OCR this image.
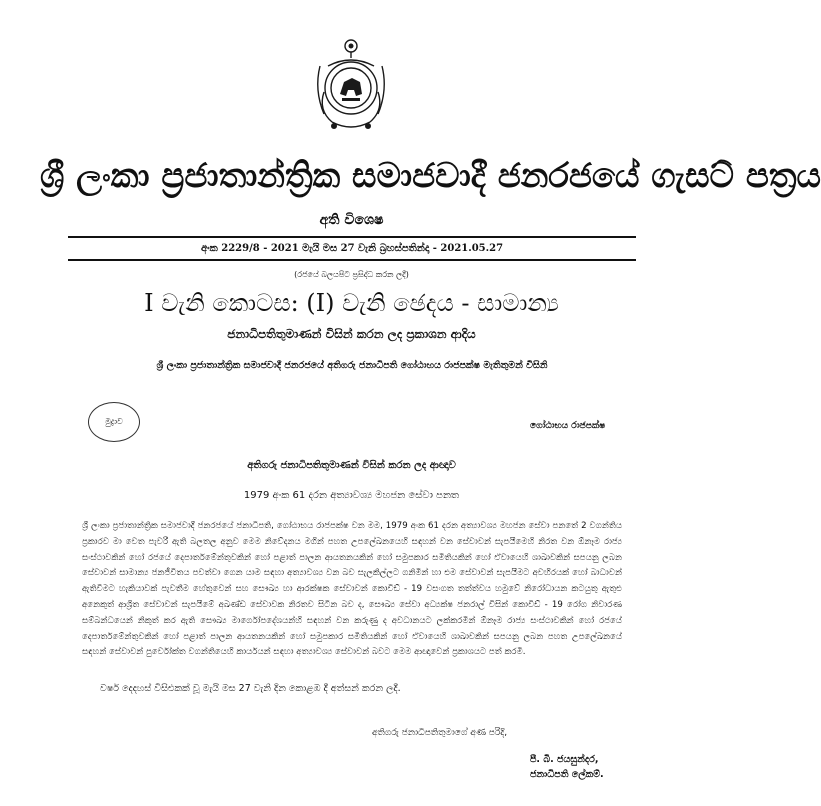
ශ්‍රී ලංකා ප්‍රජාතාන්ත්‍රික සමාජවාදී ජනරජයේ ගැසට් පත්‍රය
අති විශෙෂ
අංක 2229/8 - 2021 මැයි මස 27 වැනි බ්‍රහස්පතින්දා - 2021.05.27
(රජයේ බලයපිට ප්‍රසිද්ධ කරන ලදී)
I වැනි කොටස: (I) වැනි ඡෙදය - සාමාන්‍ය
ජනාධිපතිතුමාණන් විසින් කරන ලද ප්‍රකාශන ආදිය
ශ්‍රී ලංකා ප්‍රජාතාන්ත්‍රික සමාජවාදී ජනරජයේ අතිගරු ජනාධිපති ගෝඨාභය රාජපක්ෂ මැතිතුමන් විසිනි
මුද්‍රාව	ගෝඨාභය රාජපක්ෂ
අතිගරු ජනාධිපතිතුමාණන් විසින් කරන ලද ආඥාව
1979 අංක 61 දරන අත්‍යාවශ්‍ය මහජන සේවා පනත
ශ්‍රී ලංකා ප්‍රජාතාන්ත්‍රික සමාජවාදී ජනරජයේ ජනාධිපති, ගෝඨාභය රාජපක්ෂ වන මම, 1979 අංක 61 දරන අත්‍යාවශ්‍ය මහජන සේවා පනතේ 2 වගන්තිය ප්‍රකාරව මා වෙත පැවරී ඇති බලතල අනුව මෙම නිවේදනය මගින් පහත උපලේඛනයෙහි සඳහන් වන සේවාවන් සැපයීමෙහි නිරත වන ඕනෑම රාජ්‍ය සංස්ථාවකින් හෝ රජයේ දෙපාර්තමේන්තුවකින් හෝ පළාත් පාලන ආයතනයකින් හෝ සමුපකාර සමිතියකින් හෝ ඒවායෙහි ශාඛාවකින් සපයනු ලබන සේවාවන් සාමාන්‍ය ජනජීවිතය පවත්වා ගෙන යාම සඳහා අත්‍යාවශ්‍ය වන බව සැලකිල්ලට ගනිමින් හා එම සේවාවන් සැපයීමට අවහිරයක් හෝ බාධාවන් ඇතිවීමට හැකියාවක් පැවතීම හේතුවෙන් සහ සෞඛ්‍ය හා ආරක්ෂක සේවාවන් කොවිඩ් - 19 වසංගත තත්ත්වය හමුවේ නිරෝධායන කටයුතු ඇතුළු අනෙකුත් ආශ්‍රිත සේවාවන් සැපයීමේ අඛණ්ඩ සේවාවක නිරතව සිටින බව ද, සෞඛ්‍ය සේවා අධ්‍යක්ෂ ජනරාල් විසින් කොවිඩ් - 19 රෝග නිවාරණ සම්බන්ධයෙන් නිකුත් කර ඇති සෞඛ්‍ය මාර්ගෝපදේශයන්හි සඳහන් වන කරුණු ද අවධානයට ලක්කරමින් ඕනෑම රාජ්‍ය සංස්ථාවකින් හෝ රජයේ දෙපාර්තමේන්තුවකින් හෝ පළාත් පාලන ආයතනයකින් හෝ සමුපකාර සමිතියකින් හෝ ඒවායෙහි ශාඛාවකින් සපයනු ලබන පහත උපලේඛනයේ සඳහන් සේවාවන් පුර්වෝක්ත වගන්තියෙහි කාර්යයන් සඳහා අත්‍යාවශ්‍ය සේවාවන් බවට මෙම ආඥාවෙන් ප්‍රකාශයට පත් කරමි.
වර්ෂ දෙදහස් විසිඑකක් වූ මැයි මස 27 වැනි දින කොළඹ දී අත්සන් කරන ලදී.
අතිගරු ජනාධිපතිතුමාගේ අණ පරිදි,
පී. බී. ජයසුන්දර,
ජනාධිපති ලේකම්.
